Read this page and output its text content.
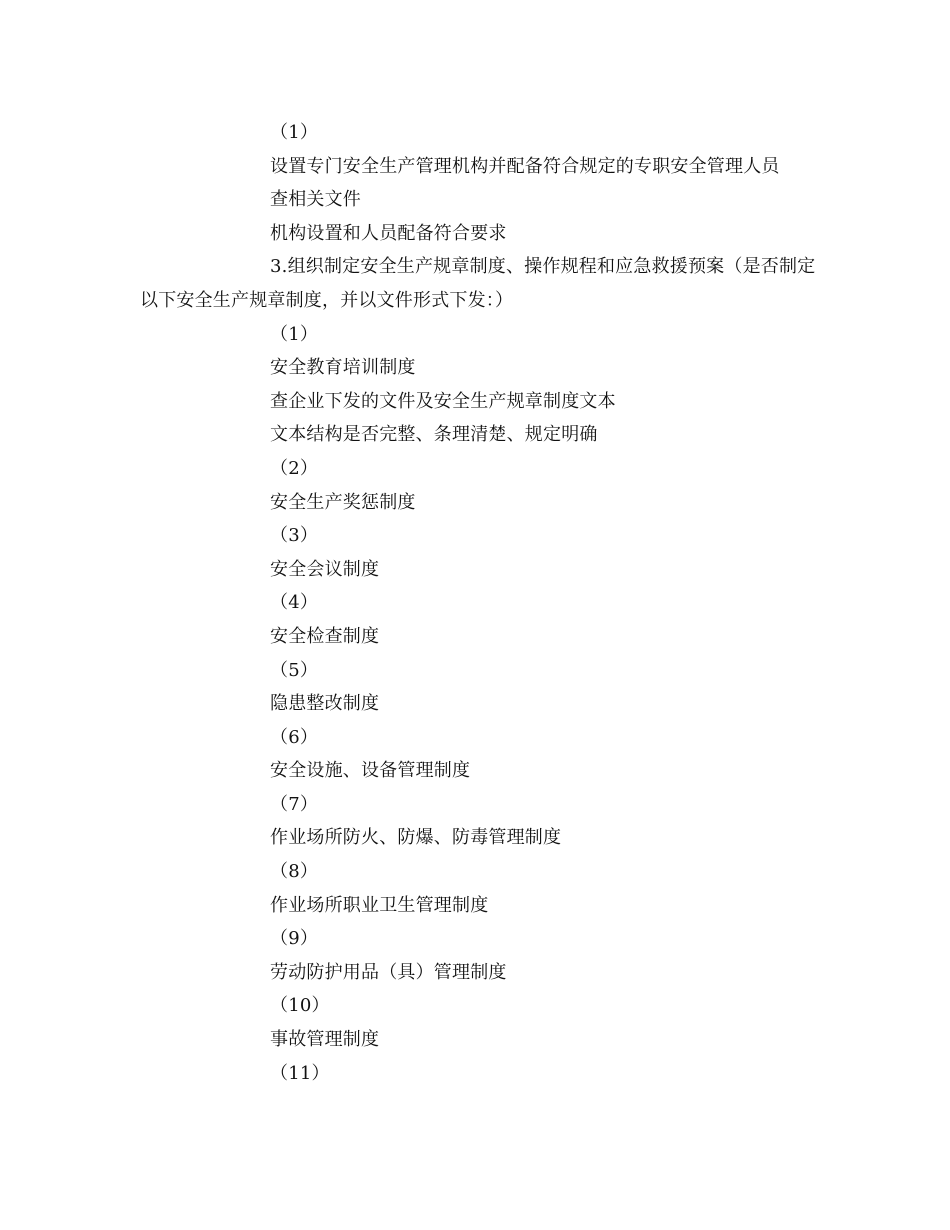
（1）
设置专门安全生产管理机构并配备符合规定的专职安全管理人员
查相关文件
机构设置和人员配备符合要求
3.组织制定安全生产规章制度、操作规程和应急救援预案（是否制定以下安全生产规章制度，并以文件形式下发：）
（1）
安全教育培训制度
查企业下发的文件及安全生产规章制度文本
文本结构是否完整、条理清楚、规定明确
（2）
安全生产奖惩制度
（3）
安全会议制度
（4）
安全检查制度
（5）
隐患整改制度
（6）
安全设施、设备管理制度
（7）
作业场所防火、防爆、防毒管理制度
（8）
作业场所职业卫生管理制度
（9）
劳动防护用品（具）管理制度
（10）
事故管理制度
（11）
